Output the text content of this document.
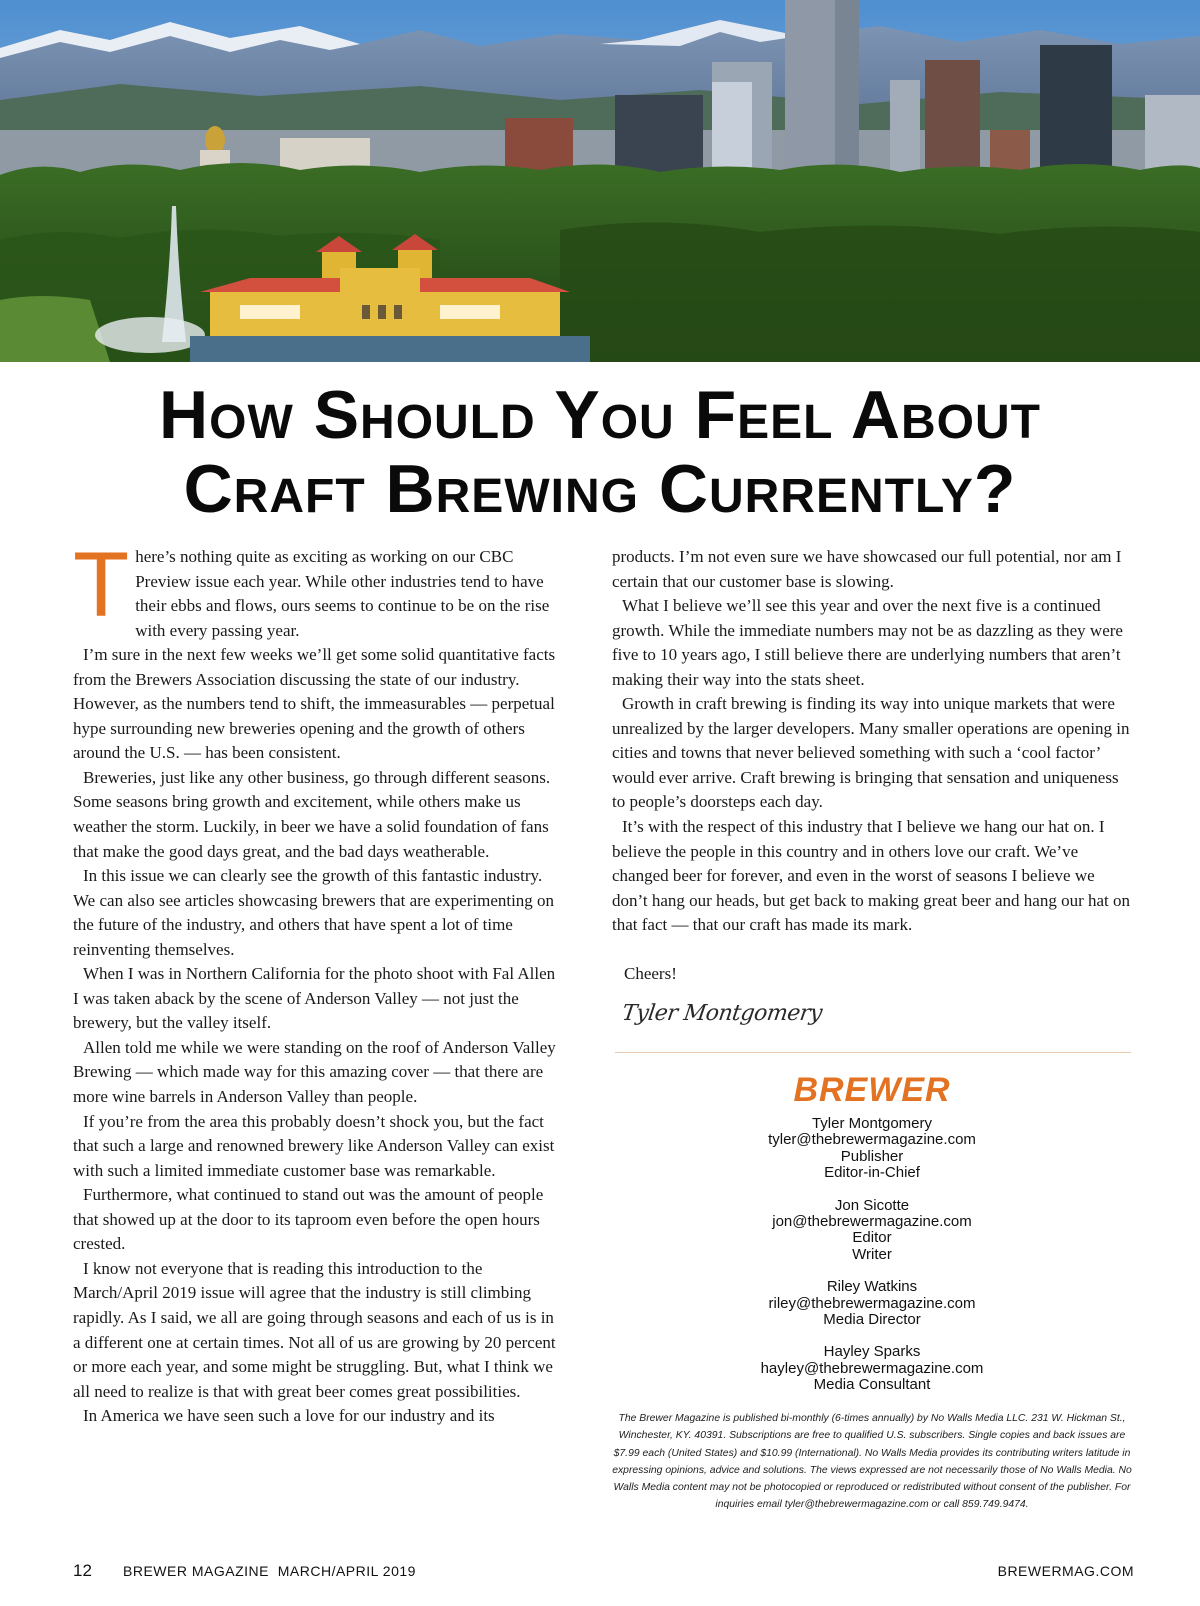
How Should You Feel About
Craft Brewing Currently?

There’s nothing quite as exciting as working on our CBC Preview issue each year. While other industries tend to have their ebbs and flows, ours seems to continue to be on the rise with every passing year.

I’m sure in the next few weeks we’ll get some solid quantitative facts from the Brewers Association discussing the state of our industry. However, as the numbers tend to shift, the immeasurables — perpetual hype surrounding new breweries opening and the growth of others around the U.S. — has been consistent.

Breweries, just like any other business, go through different seasons. Some seasons bring growth and excitement, while others make us weather the storm. Luckily, in beer we have a solid foundation of fans that make the good days great, and the bad days weatherable.

In this issue we can clearly see the growth of this fantastic industry. We can also see articles showcasing brewers that are experimenting on the future of the industry, and others that have spent a lot of time reinventing themselves.

When I was in Northern California for the photo shoot with Fal Allen I was taken aback by the scene of Anderson Valley — not just the brewery, but the valley itself.

Allen told me while we were standing on the roof of Anderson Valley Brewing — which made way for this amazing cover — that there are more wine barrels in Anderson Valley than people.

If you’re from the area this probably doesn’t shock you, but the fact that such a large and renowned brewery like Anderson Valley can exist with such a limited immediate customer base was remarkable.

Furthermore, what continued to stand out was the amount of people that showed up at the door to its taproom even before the open hours crested.

I know not everyone that is reading this introduction to the March/April 2019 issue will agree that the industry is still climbing rapidly. As I said, we all are going through seasons and each of us is in a different one at certain times. Not all of us are growing by 20 percent or more each year, and some might be struggling. But, what I think we all need to realize is that with great beer comes great possibilities.

In America we have seen such a love for our industry and its

products. I’m not even sure we have showcased our full potential, nor am I certain that our customer base is slowing.

What I believe we’ll see this year and over the next five is a continued growth. While the immediate numbers may not be as dazzling as they were five to 10 years ago, I still believe there are underlying numbers that aren’t making their way into the stats sheet.

Growth in craft brewing is finding its way into unique markets that were unrealized by the larger developers. Many smaller operations are opening in cities and towns that never believed something with such a ‘cool factor’ would ever arrive. Craft brewing is bringing that sensation and uniqueness to people’s doorsteps each day.

It’s with the respect of this industry that I believe we hang our hat on. I believe the people in this country and in others love our craft. We’ve changed beer for forever, and even in the worst of seasons I believe we don’t hang our heads, but get back to making great beer and hang our hat on that fact — that our craft has made its mark.

Cheers!

Tyler Montgomery
BREWER
Tyler Montgomery
tyler@thebrewermagazine.com
Publisher
Editor-in-Chief
Jon Sicotte
jon@thebrewermagazine.com
Editor
Writer
Riley Watkins
riley@thebrewermagazine.com
Media Director
Hayley Sparks
hayley@thebrewermagazine.com
Media Consultant
The Brewer Magazine is published bi-monthly (6-times annually) by No Walls Media LLC. 231 W. Hickman St., Winchester, KY. 40391. Subscriptions are free to qualified U.S. subscribers. Single copies and back issues are $7.99 each (United States) and $10.99 (International). No Walls Media provides its contributing writers latitude in expressing opinions, advice and solutions. The views expressed are not necessarily those of No Walls Media. No Walls Media content may not be photocopied or reproduced or redistributed without consent of the publisher. For inquiries email tyler@thebrewermagazine.com or call 859.749.9474.
12 BREWER MAGAZINE  MARCH/APRIL 2019	BREWERMAG.COM
